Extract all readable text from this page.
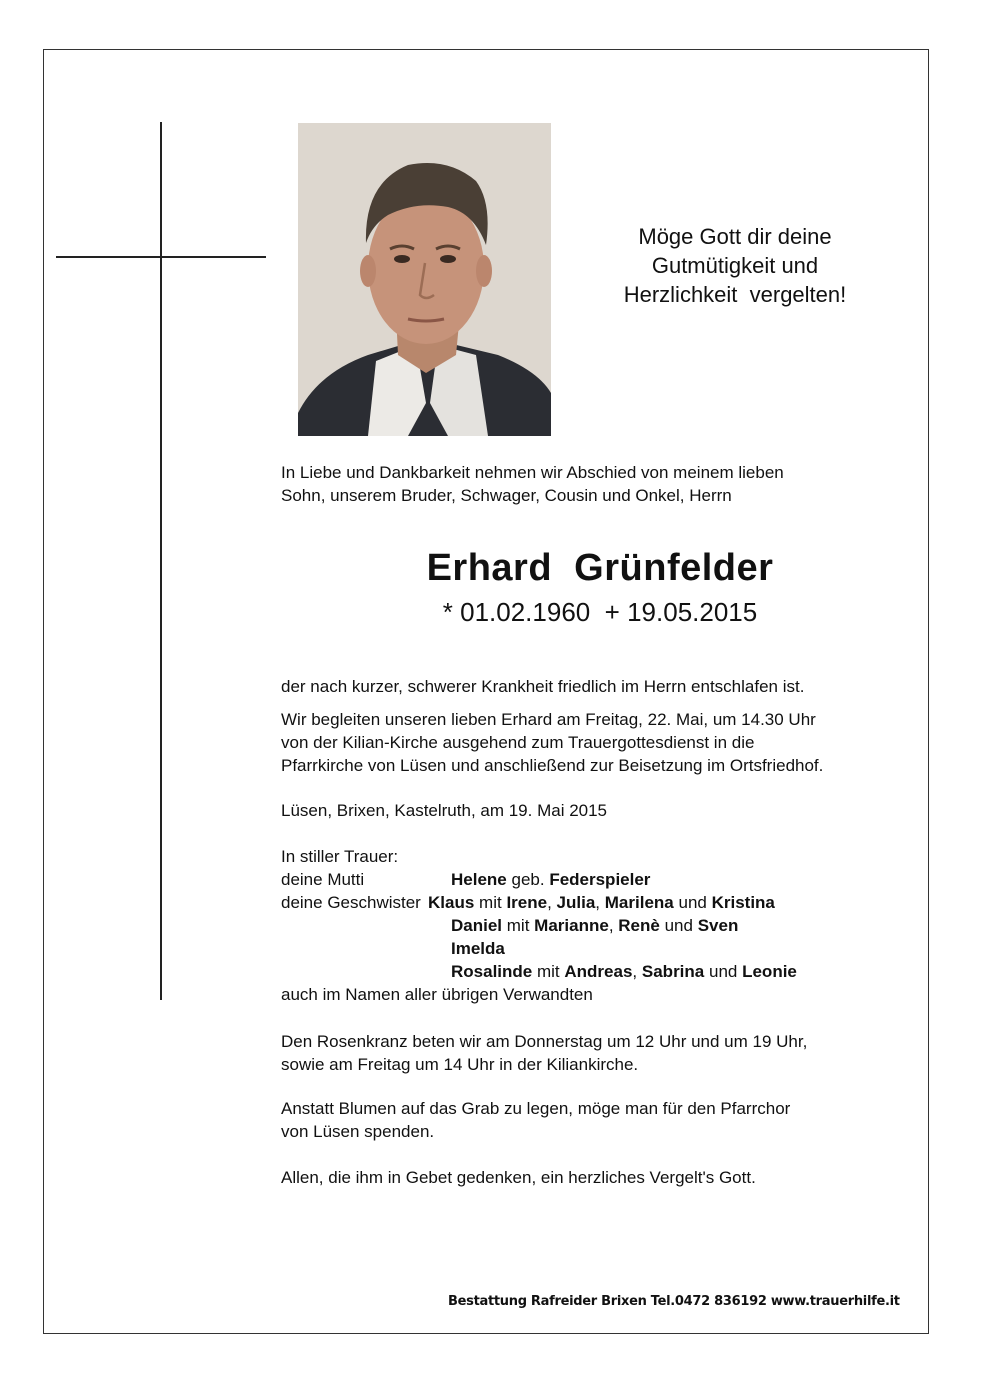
Möge Gott dir deine
Gutmütigkeit und
Herzlichkeit  vergelten!
In Liebe und Dankbarkeit nehmen wir Abschied von meinem lieben
Sohn, unserem Bruder, Schwager, Cousin und Onkel, Herrn
Erhard  Grünfelder
* 01.02.1960  + 19.05.2015
der nach kurzer, schwerer Krankheit friedlich im Herrn entschlafen ist.
Wir begleiten unseren lieben Erhard am Freitag, 22. Mai, um 14.30 Uhr
von der Kilian-Kirche ausgehend zum Trauergottesdienst in die
Pfarrkirche von Lüsen und anschließend zur Beisetzung im Ortsfriedhof.
Lüsen, Brixen, Kastelruth, am 19. Mai 2015
In stiller Trauer:
deine Mutti	Helene geb. Federspieler
deine Geschwister Klaus mit Irene, Julia, Marilena und Kristina
Daniel mit Marianne, Renè und Sven
Imelda
Rosalinde mit Andreas, Sabrina und Leonie
auch im Namen aller übrigen Verwandten
Den Rosenkranz beten wir am Donnerstag um 12 Uhr und um 19 Uhr,
sowie am Freitag um 14 Uhr in der Kiliankirche.
Anstatt Blumen auf das Grab zu legen, möge man für den Pfarrchor
von Lüsen spenden.
Allen, die ihm in Gebet gedenken, ein herzliches Vergelt's Gott.
Bestattung Rafreider Brixen Tel.0472 836192 www.trauerhilfe.it
